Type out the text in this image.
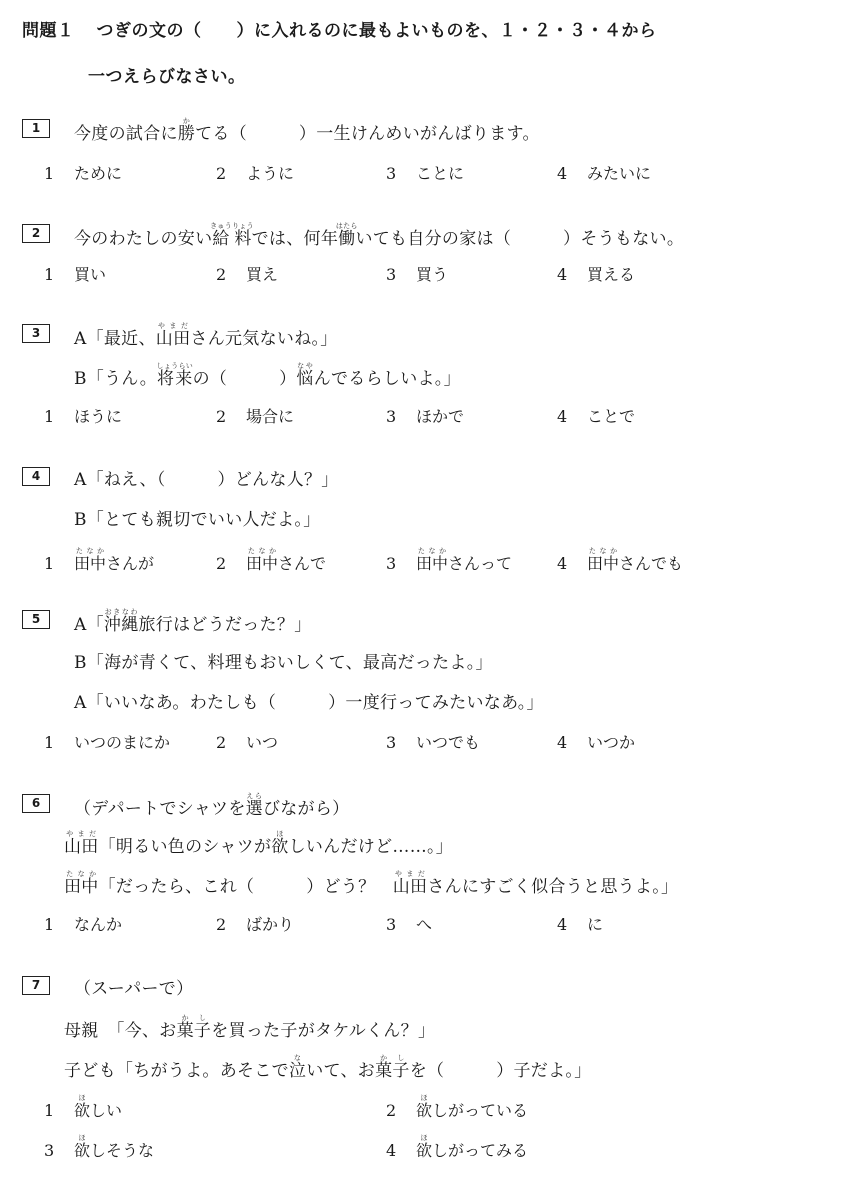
問題１ つぎの文の（　　）に入れるのに最もよいものを、１・２・３・４から
一つえらびなさい。
1	今度の試合に勝かてる（　　　）一生けんめいがんばります。
1 ために	2 ように	3 ことに	4 みたいに
2	今のわたしの安い給料きゅうりょうでは、何年働はたらいても自分の家は（　　　）そうもない。
1 買い	2 買え	3 買う	4 買える
3	A「最近、山田やまださん元気ないね。」
B「うん。将来しょうらいの（　　　）悩なやんでるらしいよ。」
1 ほうに	2 場合に	3 ほかで	4 ことで
4	A「ねえ、（　　　）どんな人？」
B「とても親切でいい人だよ。」
1 田中たなかさんが	2 田中たなかさんで	3 田中たなかさんって	4 田中たなかさんでも
5	A「沖縄おきなわ旅行はどうだった？」
B「海が青くて、料理もおいしくて、最高だったよ。」
A「いいなあ。わたしも（　　　）一度行ってみたいなあ。」
1 いつのまにか	2 いつ	3 いつでも	4 いつか
6	（デパートでシャツを選えらびながら）
山田やまだ「明るい色のシャツが欲ほしいんだけど……。」
田中たなか「だったら、これ（　　　）どう？　山田やまださんにすごく似合うと思うよ。」
1 なんか	2 ばかり	3 へ	4 に
7	（スーパーで）
母親　「今、お菓子かしを買った子がタケルくん？」
子ども「ちがうよ。あそこで泣ないて、お菓子かしを（　　　）子だよ。」
1 欲ほしい	2 欲ほしがっている
3 欲ほしそうな	4 欲ほしがってみる
